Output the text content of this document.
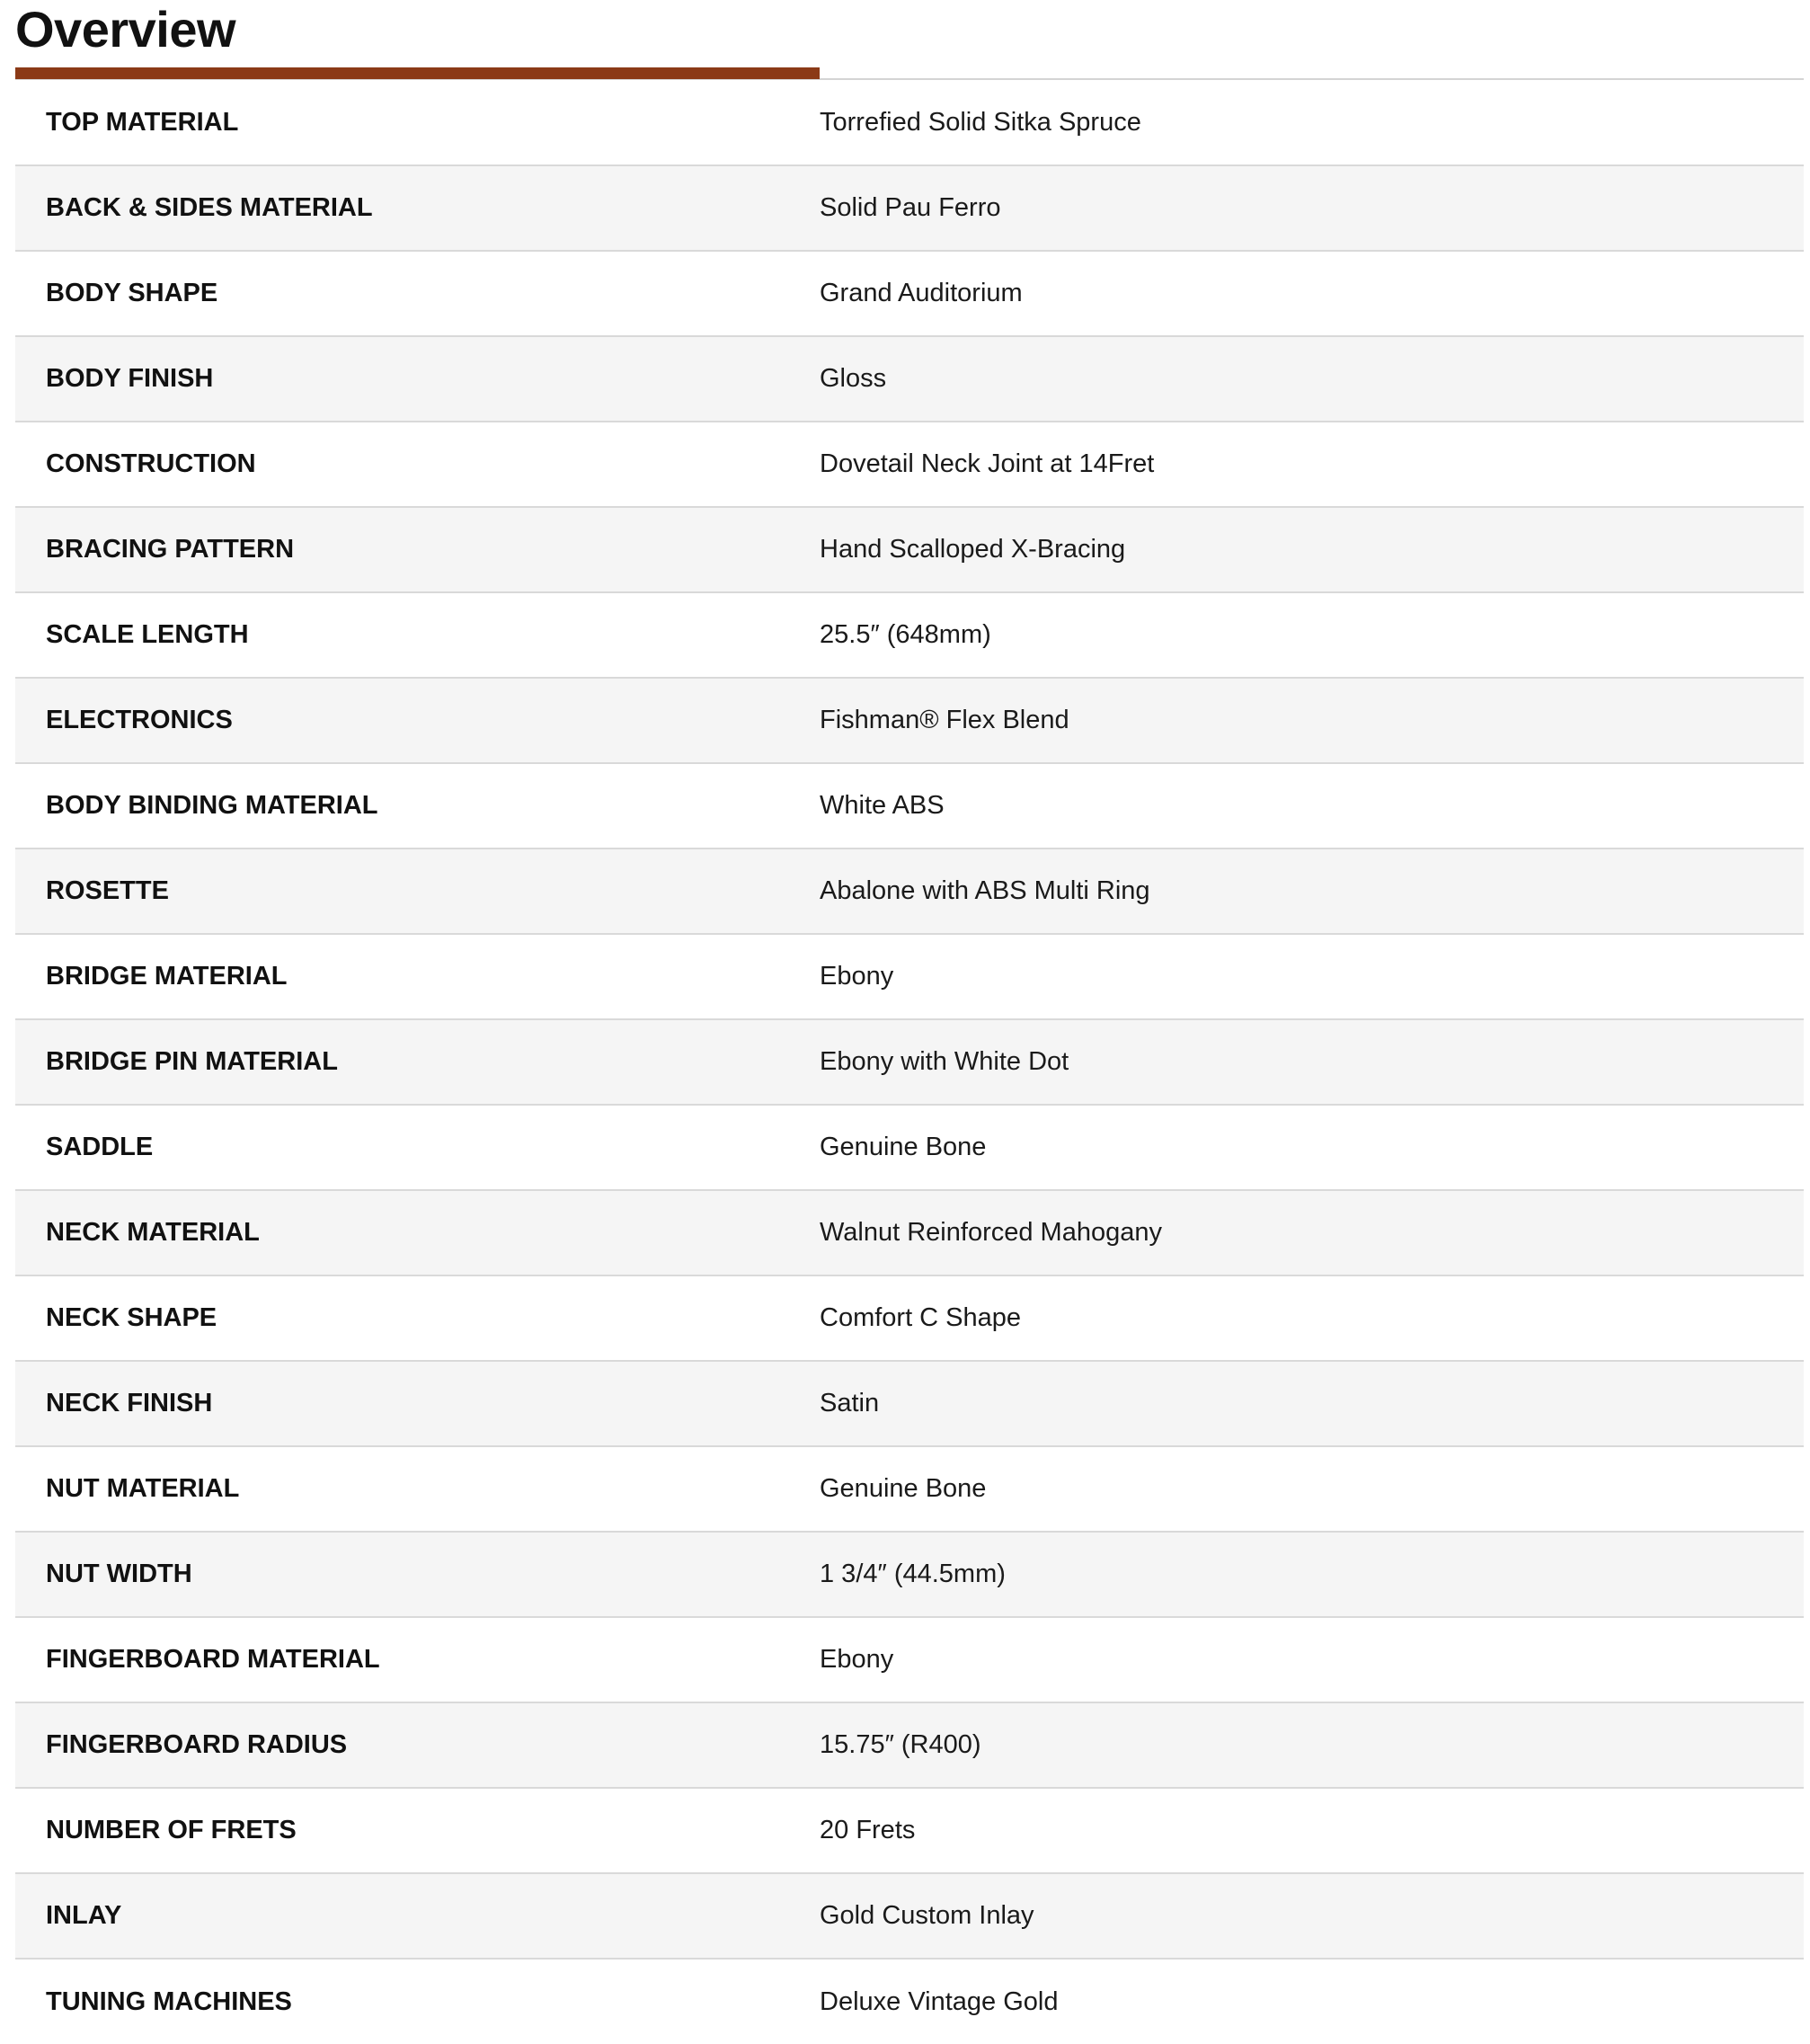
Overview
TOP MATERIAL	Torrefied Solid Sitka Spruce
BACK & SIDES MATERIAL	Solid Pau Ferro
BODY SHAPE	Grand Auditorium
BODY FINISH	Gloss
CONSTRUCTION	Dovetail Neck Joint at 14Fret
BRACING PATTERN	Hand Scalloped X-Bracing
SCALE LENGTH	25.5″ (648mm)
ELECTRONICS	Fishman® Flex Blend
BODY BINDING MATERIAL	White ABS
ROSETTE	Abalone with ABS Multi Ring
BRIDGE MATERIAL	Ebony
BRIDGE PIN MATERIAL	Ebony with White Dot
SADDLE	Genuine Bone
NECK MATERIAL	Walnut Reinforced Mahogany
NECK SHAPE	Comfort C Shape
NECK FINISH	Satin
NUT MATERIAL	Genuine Bone
NUT WIDTH	1 3/4″ (44.5mm)
FINGERBOARD MATERIAL	Ebony
FINGERBOARD RADIUS	15.75″ (R400)
NUMBER OF FRETS	20 Frets
INLAY	Gold Custom Inlay
TUNING MACHINES	Deluxe Vintage Gold
